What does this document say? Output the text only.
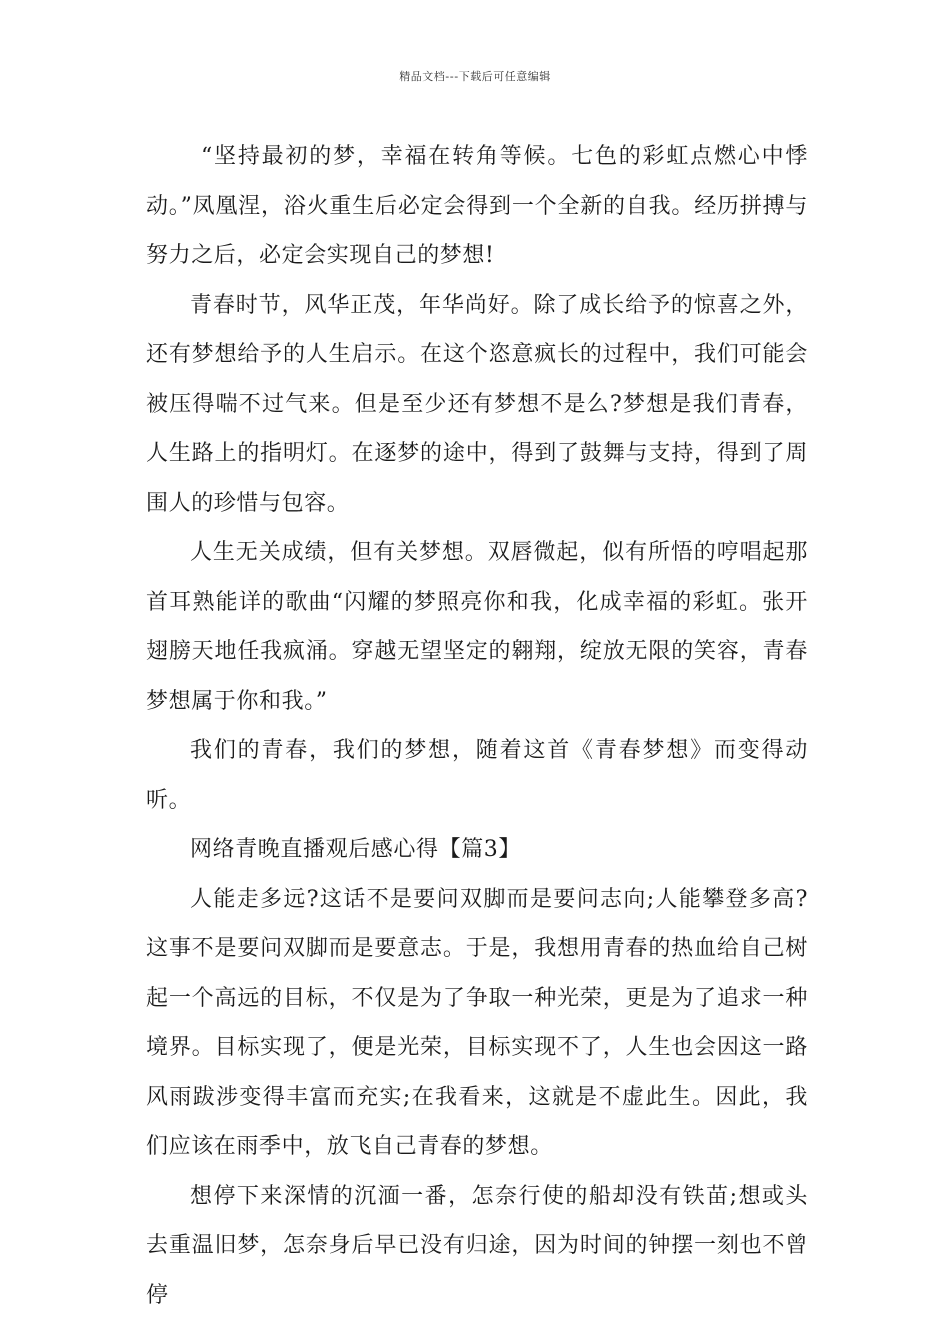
精品文档---下载后可任意编辑

“坚持最初的梦，幸福在转角等候。七色的彩虹点燃心中悸动。”凤凰涅，浴火重生后必定会得到一个全新的自我。经历拼搏与努力之后，必定会实现自己的梦想!

青春时节，风华正茂，年华尚好。除了成长给予的惊喜之外，还有梦想给予的人生启示。在这个恣意疯长的过程中，我们可能会被压得喘不过气来。但是至少还有梦想不是么?梦想是我们青春，人生路上的指明灯。在逐梦的途中，得到了鼓舞与支持，得到了周围人的珍惜与包容。

人生无关成绩，但有关梦想。双唇微起，似有所悟的哼唱起那首耳熟能详的歌曲“闪耀的梦照亮你和我，化成幸福的彩虹。张开翅膀天地任我疯涌。穿越无望坚定的翱翔，绽放无限的笑容，青春梦想属于你和我。”

我们的青春，我们的梦想，随着这首《青春梦想》而变得动听。

网络青晚直播观后感心得【篇3】

人能走多远?这话不是要问双脚而是要问志向;人能攀登多高?这事不是要问双脚而是要意志。于是，我想用青春的热血给自己树起一个高远的目标，不仅是为了争取一种光荣，更是为了追求一种境界。目标实现了，便是光荣，目标实现不了，人生也会因这一路风雨跋涉变得丰富而充实;在我看来，这就是不虚此生。因此，我们应该在雨季中，放飞自己青春的梦想。

想停下来深情的沉湎一番，怎奈行使的船却没有铁苗;想或头去重温旧梦，怎奈身后早已没有归途，因为时间的钟摆一刻也不曾停
